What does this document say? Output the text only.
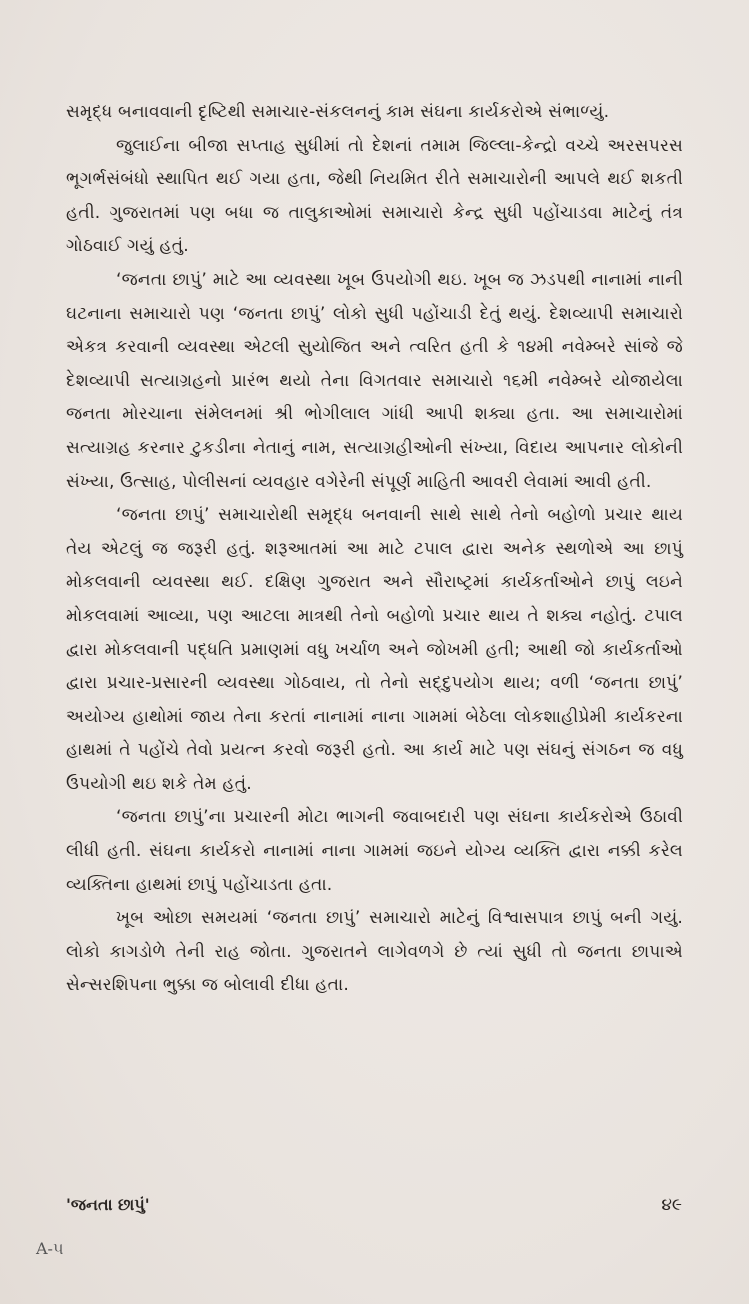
સમૃદ્ધ બનાવવાની દૃષ્ટિથી સમાચાર-સંકલનનું કામ સંઘના કાર્યકરોએ સંભાળ્યું.

જુલાઈના બીજા સપ્તાહ સુધીમાં તો દેશનાં તમામ જિલ્લા-કેન્દ્રો વચ્ચે અરસપરસ ભૂગર્ભસંબંધો સ્થાપિત થઈ ગયા હતા, જેથી નિયમિત રીતે સમાચારોની આપલે થઈ શકતી હતી. ગુજરાતમાં પણ બધા જ તાલુકાઓમાં સમાચારો કેન્દ્ર સુધી પહોંચાડવા માટેનું તંત્ર ગોઠવાઈ ગયું હતું.

‘જનતા છાપું’ માટે આ વ્યવસ્થા ખૂબ ઉપયોગી થઇ. ખૂબ જ ઝડપથી નાનામાં નાની ઘટનાના સમાચારો પણ ‘જનતા છાપું’ લોકો સુધી પહોંચાડી દેતું થયું. દેશવ્યાપી સમાચારો એકત્ર કરવાની વ્યવસ્થા એટલી સુયોજિત અને ત્વરિત હતી કે ૧૪મી નવેમ્બરે સાંજે જે દેશવ્યાપી સત્યાગ્રહનો પ્રારંભ થયો તેના વિગતવાર સમાચારો ૧૬મી નવેમ્બરે યોજાયેલા જનતા મોરચાના સંમેલનમાં શ્રી ભોગીલાલ ગાંધી આપી શક્યા હતા. આ સમાચારોમાં સત્યાગ્રહ કરનાર ટુકડીના નેતાનું નામ, સત્યાગ્રહીઓની સંખ્યા, વિદાય આપનાર લોકોની સંખ્યા, ઉત્સાહ, પોલીસનાં વ્યવહાર વગેરેની સંપૂર્ણ માહિતી આવરી લેવામાં આવી હતી.

‘જનતા છાપું’ સમાચારોથી સમૃદ્ધ બનવાની સાથે સાથે તેનો બહોળો પ્રચાર થાય તેય એટલું જ જરૂરી હતું. શરૂઆતમાં આ માટે ટપાલ દ્વારા અનેક સ્થળોએ આ છાપું મોકલવાની વ્યવસ્થા થઈ. દક્ષિણ ગુજરાત અને સૌરાષ્ટ્રમાં કાર્યકર્તાઓને છાપું લઇને મોકલવામાં આવ્યા, પણ આટલા માત્રથી તેનો બહોળો પ્રચાર થાય તે શક્ય નહોતું. ટપાલ દ્વારા મોકલવાની પદ્ધતિ પ્રમાણમાં વધુ ખર્ચાળ અને જોખમી હતી; આથી જો કાર્યકર્તાઓ દ્વારા પ્રચાર-પ્રસારની વ્યવસ્થા ગોઠવાય, તો તેનો સદ્દુપયોગ થાય; વળી ‘જનતા છાપું’ અયોગ્ય હાથોમાં જાય તેના કરતાં નાનામાં નાના ગામમાં બેઠેલા લોકશાહીપ્રેમી કાર્યકરના હાથમાં તે પહોંચે તેવો પ્રયત્ન કરવો જરૂરી હતો. આ કાર્ય માટે પણ સંઘનું સંગઠન જ વધુ ઉપયોગી થઇ શકે તેમ હતું.

‘જનતા છાપું’ના પ્રચારની મોટા ભાગની જવાબદારી પણ સંઘના કાર્યકરોએ ઉઠાવી લીધી હતી. સંઘના કાર્યકરો નાનામાં નાના ગામમાં જઇને યોગ્ય વ્યક્તિ દ્વારા નક્કી કરેલ વ્યક્તિના હાથમાં છાપું પહોંચાડતા હતા.

ખૂબ ઓછા સમયમાં ‘જનતા છાપું’ સમાચારો માટેનું વિશ્વાસપાત્ર છાપું બની ગયું. લોકો કાગડોળે તેની રાહ જોતા. ગુજરાતને લાગેવળગે છે ત્યાં સુધી તો જનતા છાપાએ સેન્સરશિપના ભુક્કા જ બોલાવી દીધા હતા.

'જનતા છાપું'	૪૯
A-૫
